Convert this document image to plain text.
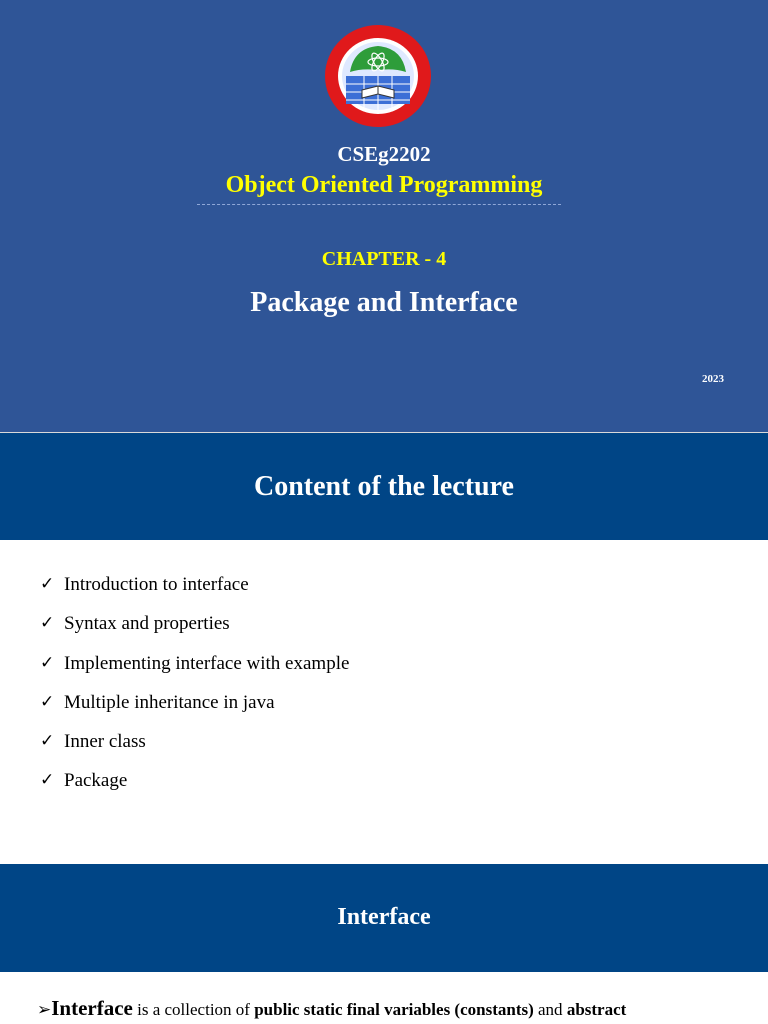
CSEg2202
Object Oriented Programming
CHAPTER - 4
Package and Interface
2023
Content of the lecture
✓ Introduction to interface
✓ Syntax and properties
✓ Implementing interface with example
✓ Multiple inheritance in java
✓ Inner class
✓ Package
Interface
➢Interface is a collection of public static final variables (constants) and abstract
